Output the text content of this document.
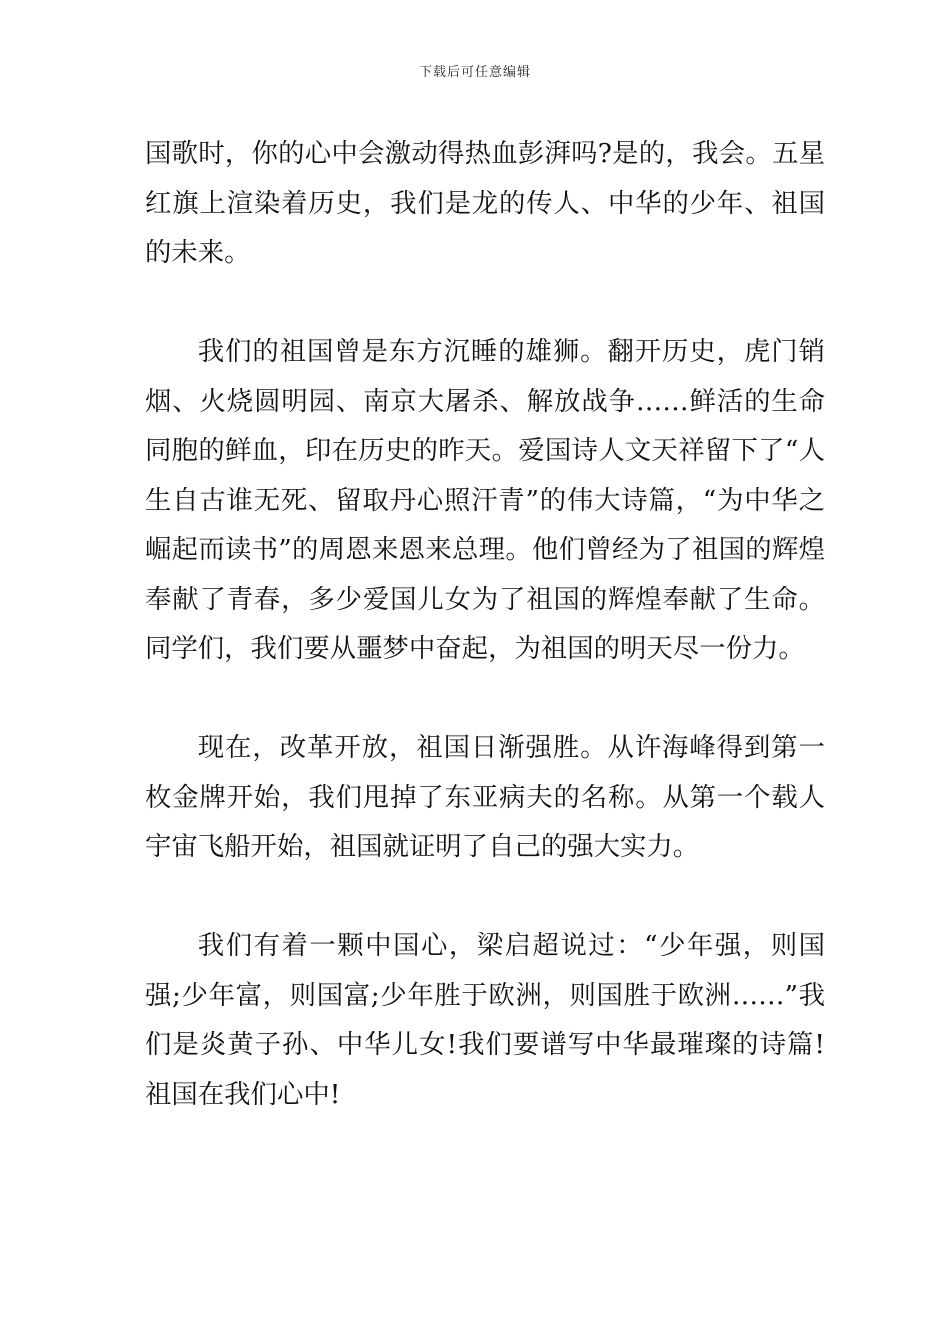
下载后可任意编辑

国歌时，你的心中会激动得热血彭湃吗?是的，我会。五星红旗上渲染着历史，我们是龙的传人、中华的少年、祖国的未来。

我们的祖国曾是东方沉睡的雄狮。翻开历史，虎门销烟、火烧圆明园、南京大屠杀、解放战争……鲜活的生命同胞的鲜血，印在历史的昨天。爱国诗人文天祥留下了“人生自古谁无死、留取丹心照汗青”的伟大诗篇，“为中华之崛起而读书”的周恩来恩来总理。他们曾经为了祖国的辉煌奉献了青春，多少爱国儿女为了祖国的辉煌奉献了生命。同学们，我们要从噩梦中奋起，为祖国的明天尽一份力。

现在，改革开放，祖国日渐强胜。从许海峰得到第一枚金牌开始，我们甩掉了东亚病夫的名称。从第一个载人宇宙飞船开始，祖国就证明了自己的强大实力。

我们有着一颗中国心，梁启超说过：“少年强，则国强;少年富，则国富;少年胜于欧洲，则国胜于欧洲……”我们是炎黄子孙、中华儿女!我们要谱写中华最璀璨的诗篇!祖国在我们心中!
